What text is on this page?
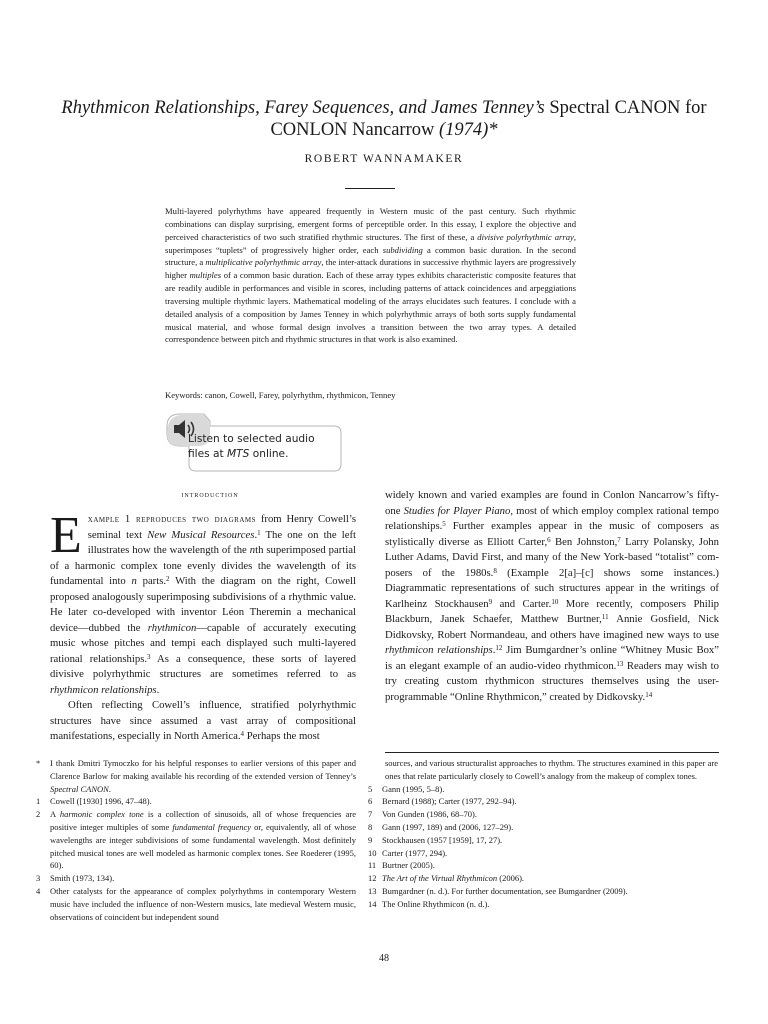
Rhythmicon Relationships, Farey Sequences, and James Tenney’s Spectral CANON for
CONLON Nancarrow (1974)*
ROBERT WANNAMAKER
Multi-layered polyrhythms have appeared frequently in Western music of the past century. Such rhythmic combinations can display surprising, emergent forms of perceptible order. In this essay, I explore the objective and perceived characteristics of two such stratified rhythmic structures. The first of these, a divisive polyrhythmic array, superimposes “tuplets” of progressively higher order, each subdividing a common basic duration. In the second structure, a multiplicative polyrhythmic array, the inter-attack durations in successive rhythmic layers are progressively higher multiples of a common basic duration. Each of these array types exhibits characteristic composite features that are readily audible in performances and visible in scores, including patterns of attack coincidences and arpeggiations traversing multiple rhythmic layers. Mathematical modeling of the arrays elucidates such features. I conclude with a detailed analysis of a composition by James Tenney in which polyrhythmic arrays of both sorts supply fundamental musical material, and whose formal design involves a transition between the two array types. A detailed correspondence between pitch and rhythmic structures in that work is also examined.
Keywords: canon, Cowell, Farey, polyrhythm, rhythmicon, Tenney
Listen to selected audio
files at MTS online.
introduction

Example 1 reproduces two diagrams from Henry Cowell’s seminal text New Musical Resources.$^1$ The one on the left illustrates how the wavelength of the nth superimposed partial of a harmonic complex tone evenly divides the wavelength of its fundamental into n parts.$^2$ With the diagram on the right, Cowell proposed analogously superimposing subdivisions of a rhythmic value. He later co-developed with inventor Léon Theremin a mechanical device—dubbed the rhythmicon—capable of accurately executing music whose pitches and tempi each displayed such multi-layered rational relationships.$^3$ As a consequence, these sorts of layered divisive polyrhythmic structures are sometimes referred to as rhythmicon relationships.

Often reflecting Cowell’s influence, stratified polyrhythmic structures have since assumed a vast array of compositional manifestations, especially in North America.$^4$ Perhaps the most

widely known and varied examples are found in Conlon Nancarrow’s fifty-one Studies for Player Piano, most of which employ complex rational tempo relationships.$^5$ Further examples appear in the music of composers as stylistically diverse as Elliott Carter,$^6$ Ben Johnston,$^7$ Larry Polansky, John Luther Adams, David First, and many of the New York-based “totalist” composers of the 1980s.$^8$ (Example 2[a]–[c] shows some instances.) Diagrammatic representations of such structures appear in the writings of Karlheinz Stockhausen$^9$ and Carter.$^{10}$ More recently, composers Philip Blackburn, Janek Schaefer, Matthew Burtner,$^{11}$ Annie Gosfield, Nick Didkovsky, Robert Normandeau, and others have imagined new ways to use rhythmicon relationships.$^{12}$ Jim Bumgardner’s online “Whitney Music Box” is an elegant example of an audio-video rhythmicon.$^{13}$ Readers may wish to try creating custom rhythmicon structures themselves using the user-programmable “Online Rhythmicon,” created by Didkovsky.$^{14}$

*	I thank Dmitri Tymoczko for his helpful responses to earlier versions of this paper and Clarence Barlow for making available his recording of the extended version of Tenney’s Spectral CANON.
1	Cowell ([1930] 1996, 47–48).
2	A harmonic complex tone is a collection of sinusoids, all of whose frequencies are positive integer multiples of some fundamental frequency or, equivalently, all of whose wavelengths are integer subdivisions of some fundamental wavelength. Most definitely pitched musical tones are well modeled as harmonic complex tones. See Roederer (1995, 60).
3	Smith (1973, 134).
4	Other catalysts for the appearance of complex polyrhythms in contemporary Western music have included the influence of non-Western musics, late medieval Western music, observations of coincident but independent sound
sources, and various structuralist approaches to rhythm. The structures examined in this paper are ones that relate particularly closely to Cowell’s analogy from the makeup of complex tones.
5	Gann (1995, 5–8).
6	Bernard (1988); Carter (1977, 292–94).
7	Von Gunden (1986, 68–70).
8	Gann (1997, 189) and (2006, 127–29).
9	Stockhausen (1957 [1959], 17, 27).
10 Carter (1977, 294).
11 Burtner (2005).
12 The Art of the Virtual Rhythmicon (2006).
13 Bumgardner (n. d.). For further documentation, see Bumgardner (2009).
14 The Online Rhythmicon (n. d.).
48
